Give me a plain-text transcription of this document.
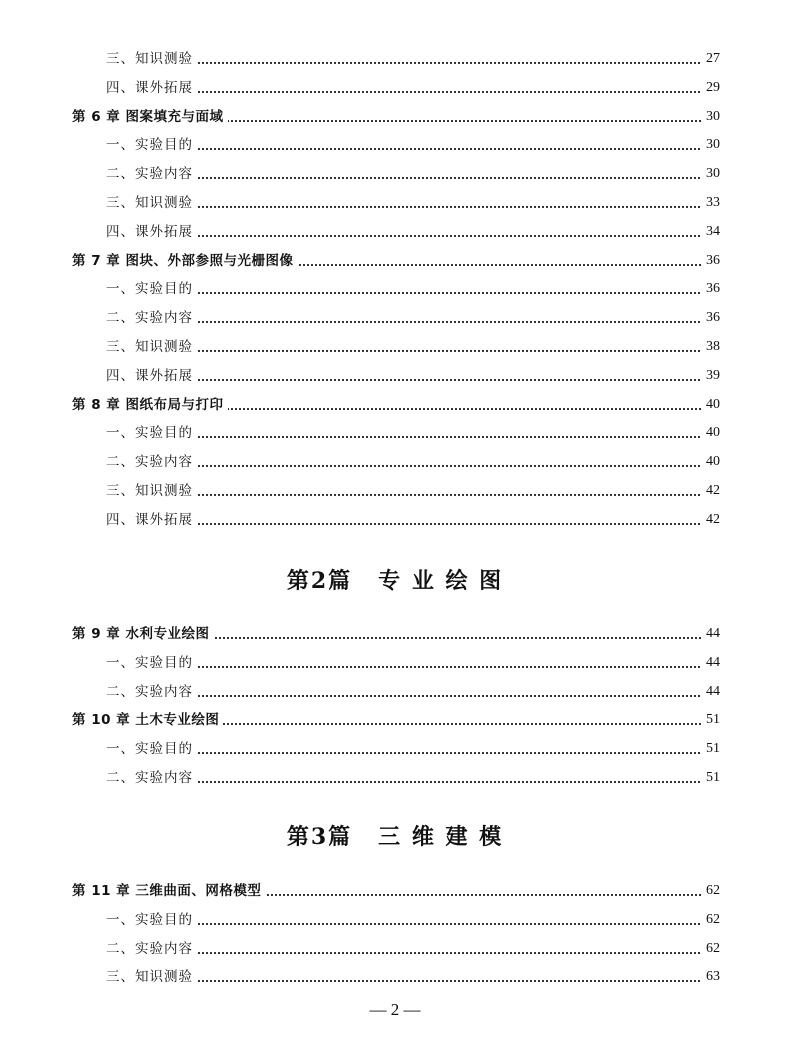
三、知识测验	27
四、课外拓展	29
第 6 章 图案填充与面域	30
一、实验目的	30
二、实验内容	30
三、知识测验	33
四、课外拓展	34
第 7 章 图块、外部参照与光栅图像	36
一、实验目的	36
二、实验内容	36
三、知识测验	38
四、课外拓展	39
第 8 章 图纸布局与打印	40
一、实验目的	40
二、实验内容	40
三、知识测验	42
四、课外拓展	42
第2篇 专 业 绘 图
第 9 章 水利专业绘图	44
一、实验目的	44
二、实验内容	44
第 10 章 土木专业绘图	51
一、实验目的	51
二、实验内容	51
第3篇 三 维 建 模
第 11 章 三维曲面、网格模型	62
一、实验目的	62
二、实验内容	62
三、知识测验	63
— 2 —
